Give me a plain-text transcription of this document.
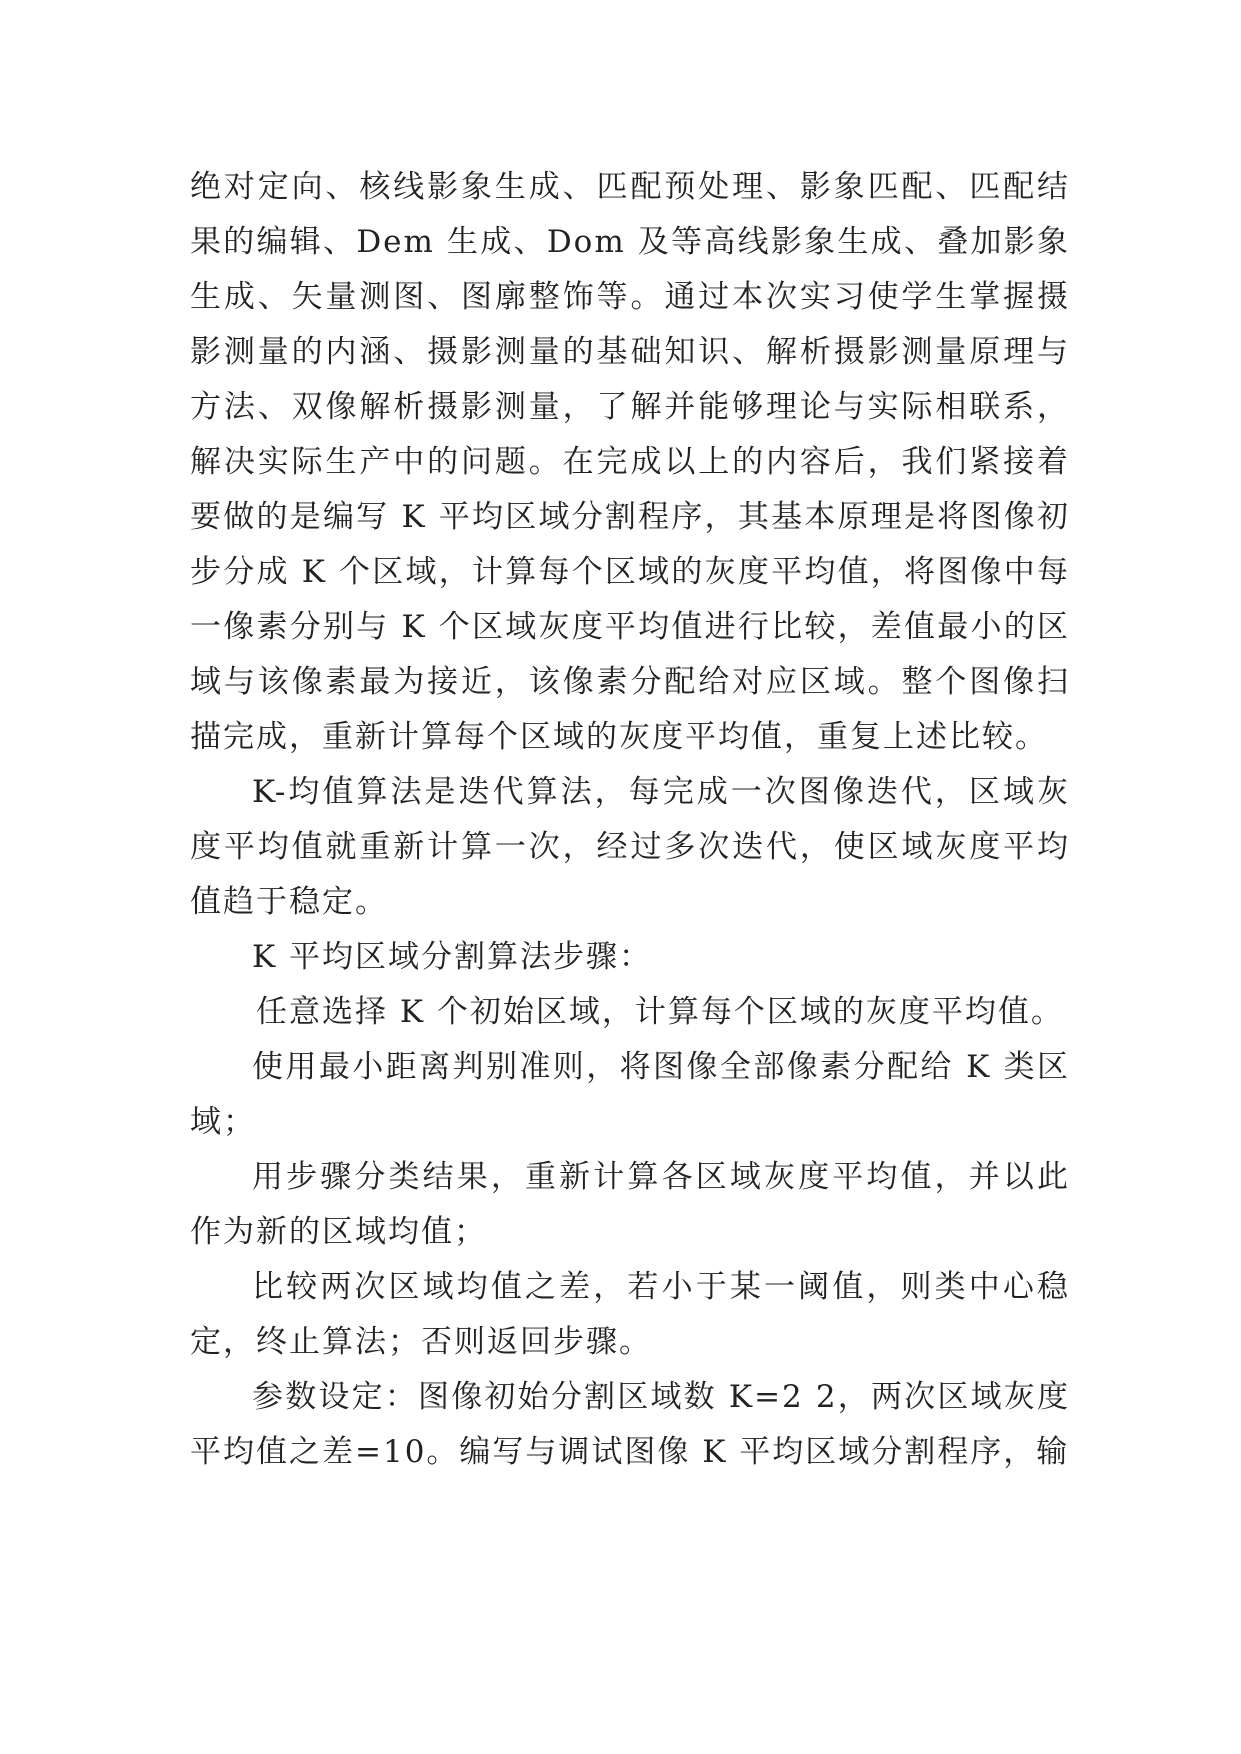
绝对定向、核线影象生成、匹配预处理、影象匹配、匹配结果的编辑、Dem 生成、Dom 及等高线影象生成、叠加影象生成、矢量测图、图廓整饰等。通过本次实习使学生掌握摄影测量的内涵、摄影测量的基础知识、解析摄影测量原理与方法、双像解析摄影测量，了解并能够理论与实际相联系，解决实际生产中的问题。在完成以上的内容后，我们紧接着要做的是编写 K 平均区域分割程序，其基本原理是将图像初步分成 K 个区域，计算每个区域的灰度平均值，将图像中每一像素分别与 K 个区域灰度平均值进行比较，差值最小的区域与该像素最为接近，该像素分配给对应区域。整个图像扫描完成，重新计算每个区域的灰度平均值，重复上述比较。

K-均值算法是迭代算法，每完成一次图像迭代，区域灰度平均值就重新计算一次，经过多次迭代，使区域灰度平均值趋于稳定。

K 平均区域分割算法步骤：

任意选择 K 个初始区域，计算每个区域的灰度平均值。

使用最小距离判别准则，将图像全部像素分配给 K 类区域；

用步骤分类结果，重新计算各区域灰度平均值，并以此作为新的区域均值；

比较两次区域均值之差，若小于某一阈值，则类中心稳定，终止算法；否则返回步骤。

参数设定：图像初始分割区域数 K=2 2，两次区域灰度平均值之差=10。编写与调试图像 K 平均区域分割程序，输
